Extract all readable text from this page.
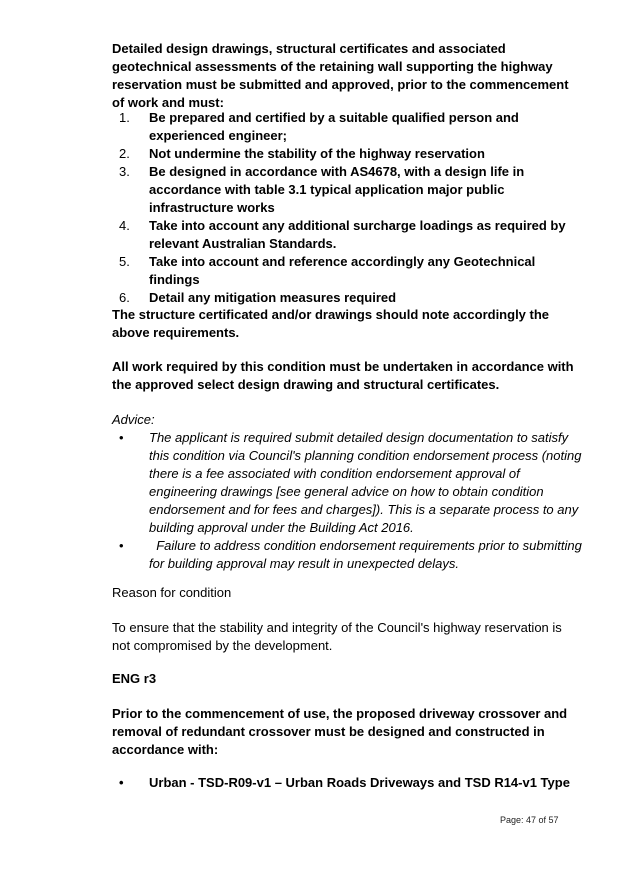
Detailed design drawings, structural certificates and associated geotechnical assessments of the retaining wall supporting the highway reservation must be submitted and approved, prior to the commencement of work and must:

1. Be prepared and certified by a suitable qualified person and experienced engineer;
2. Not undermine the stability of the highway reservation
3. Be designed in accordance with AS4678, with a design life in accordance with table 3.1 typical application major public infrastructure works
4. Take into account any additional surcharge loadings as required by relevant Australian Standards.
5. Take into account and reference accordingly any Geotechnical findings
6. Detail any mitigation measures required

The structure certificated and/or drawings should note accordingly the above requirements.

All work required by this condition must be undertaken in accordance with the approved select design drawing and structural certificates.

Advice:

• The applicant is required submit detailed design documentation to satisfy this condition via Council's planning condition endorsement process (noting there is a fee associated with condition endorsement approval of engineering drawings [see general advice on how to obtain condition endorsement and for fees and charges]). This is a separate process to any building approval under the Building Act 2016.
• Failure to address condition endorsement requirements prior to submitting for building approval may result in unexpected delays.

Reason for condition

To ensure that the stability and integrity of the Council's highway reservation is not compromised by the development.

ENG r3

Prior to the commencement of use, the proposed driveway crossover and removal of redundant crossover must be designed and constructed in accordance with:

• Urban - TSD-R09-v1 – Urban Roads Driveways and TSD R14-v1 Type
Page: 47 of 57
